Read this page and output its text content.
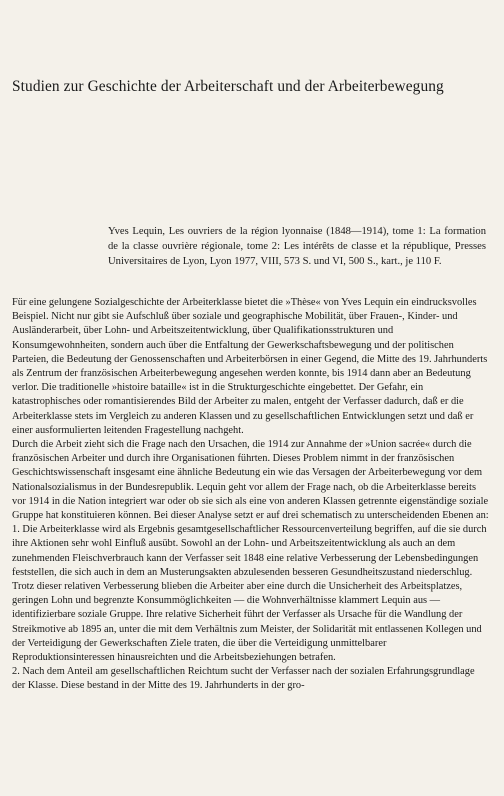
Studien zur Geschichte der Arbeiterschaft und der Arbeiterbewegung
Yves Lequin, Les ouvriers de la région lyonnaise (1848—1914), tome 1: La formation de la classe ouvrière régionale, tome 2: Les intérêts de classe et la république, Presses Universitaires de Lyon, Lyon 1977, VIII, 573 S. und VI, 500 S., kart., je 110 F.

Für eine gelungene Sozialgeschichte der Arbeiterklasse bietet die »Thèse« von Yves Lequin ein eindrucksvolles Beispiel. Nicht nur gibt sie Aufschluß über soziale und geographische Mobilität, über Frauen-, Kinder- und Ausländerarbeit, über Lohn- und Arbeitszeitentwicklung, über Qualifikationsstrukturen und Konsumgewohnheiten, sondern auch über die Entfaltung der Gewerkschaftsbewegung und der politischen Parteien, die Bedeutung der Genossenschaften und Arbeiterbörsen in einer Gegend, die Mitte des 19. Jahrhunderts als Zentrum der französischen Arbeiterbewegung angesehen werden konnte, bis 1914 dann aber an Bedeutung verlor. Die traditionelle »histoire bataille« ist in die Strukturgeschichte eingebettet. Der Gefahr, ein katastrophisches oder romantisierendes Bild der Arbeiter zu malen, entgeht der Verfasser dadurch, daß er die Arbeiterklasse stets im Vergleich zu anderen Klassen und zu gesellschaftlichen Entwicklungen setzt und daß er einer ausformulierten leitenden Fragestellung nachgeht.

Durch die Arbeit zieht sich die Frage nach den Ursachen, die 1914 zur Annahme der »Union sacrée« durch die französischen Arbeiter und durch ihre Organisationen führten. Dieses Problem nimmt in der französischen Geschichtswissenschaft insgesamt eine ähnliche Bedeutung ein wie das Versagen der Arbeiterbewegung vor dem Nationalsozialismus in der Bundesrepublik. Lequin geht vor allem der Frage nach, ob die Arbeiterklasse bereits vor 1914 in die Nation integriert war oder ob sie sich als eine von anderen Klassen getrennte eigenständige soziale Gruppe hat konstituieren können. Bei dieser Analyse setzt er auf drei schematisch zu unterscheidenden Ebenen an:

1. Die Arbeiterklasse wird als Ergebnis gesamtgesellschaftlicher Ressourcenverteilung begriffen, auf die sie durch ihre Aktionen sehr wohl Einfluß ausübt. Sowohl an der Lohn- und Arbeitszeitentwicklung als auch an dem zunehmenden Fleischverbrauch kann der Verfasser seit 1848 eine relative Verbesserung der Lebensbedingungen feststellen, die sich auch in dem an Musterungsakten abzulesenden besseren Gesundheitszustand niederschlug. Trotz dieser relativen Verbesserung blieben die Arbeiter aber eine durch die Unsicherheit des Arbeitsplatzes, geringen Lohn und begrenzte Konsummöglichkeiten — die Wohnverhältnisse klammert Lequin aus — identifizierbare soziale Gruppe. Ihre relative Sicherheit führt der Verfasser als Ursache für die Wandlung der Streikmotive ab 1895 an, unter die mit dem Verhältnis zum Meister, der Solidarität mit entlassenen Kollegen und der Verteidigung der Gewerkschaften Ziele traten, die über die Verteidigung unmittelbarer Reproduktionsinteressen hinausreichten und die Arbeitsbeziehungen betrafen.

2. Nach dem Anteil am gesellschaftlichen Reichtum sucht der Verfasser nach der sozialen Erfahrungsgrundlage der Klasse. Diese bestand in der Mitte des 19. Jahrhunderts in der gro-
